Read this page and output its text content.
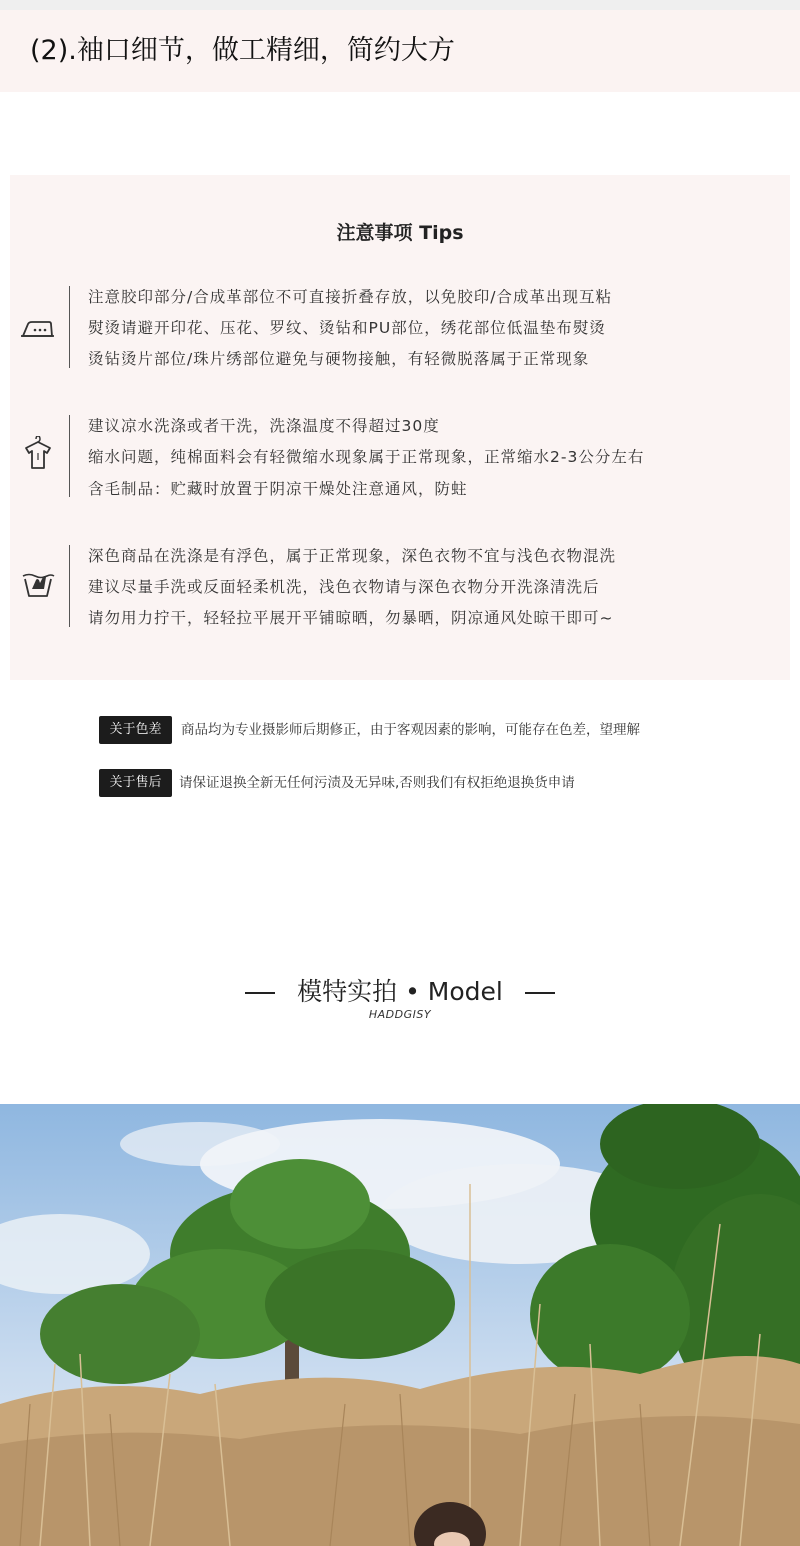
(2).袖口细节，做工精细，简约大方
注意事项 Tips
注意胶印部分/合成革部位不可直接折叠存放，以免胶印/合成革出现互粘
熨烫请避开印花、压花、罗纹、烫钻和PU部位，绣花部位低温垫布熨烫
烫钻烫片部位/珠片绣部位避免与硬物接触，有轻微脱落属于正常现象
建议凉水洗涤或者干洗，洗涤温度不得超过30度
缩水问题，纯棉面料会有轻微缩水现象属于正常现象，正常缩水2-3公分左右
含毛制品：贮藏时放置于阴凉干燥处注意通风，防蛀
深色商品在洗涤是有浮色，属于正常现象，深色衣物不宜与浅色衣物混洗
建议尽量手洗或反面轻柔机洗，浅色衣物请与深色衣物分开洗涤清洗后
请勿用力拧干，轻轻拉平展开平铺晾晒，勿暴晒，阴凉通风处晾干即可~
关于色差	商品均为专业摄影师后期修正，由于客观因素的影响，可能存在色差，望理解
关于售后	请保证退换全新无任何污渍及无异味,否则我们有权拒绝退换货申请
模特实拍 • Model
HADDGISY
